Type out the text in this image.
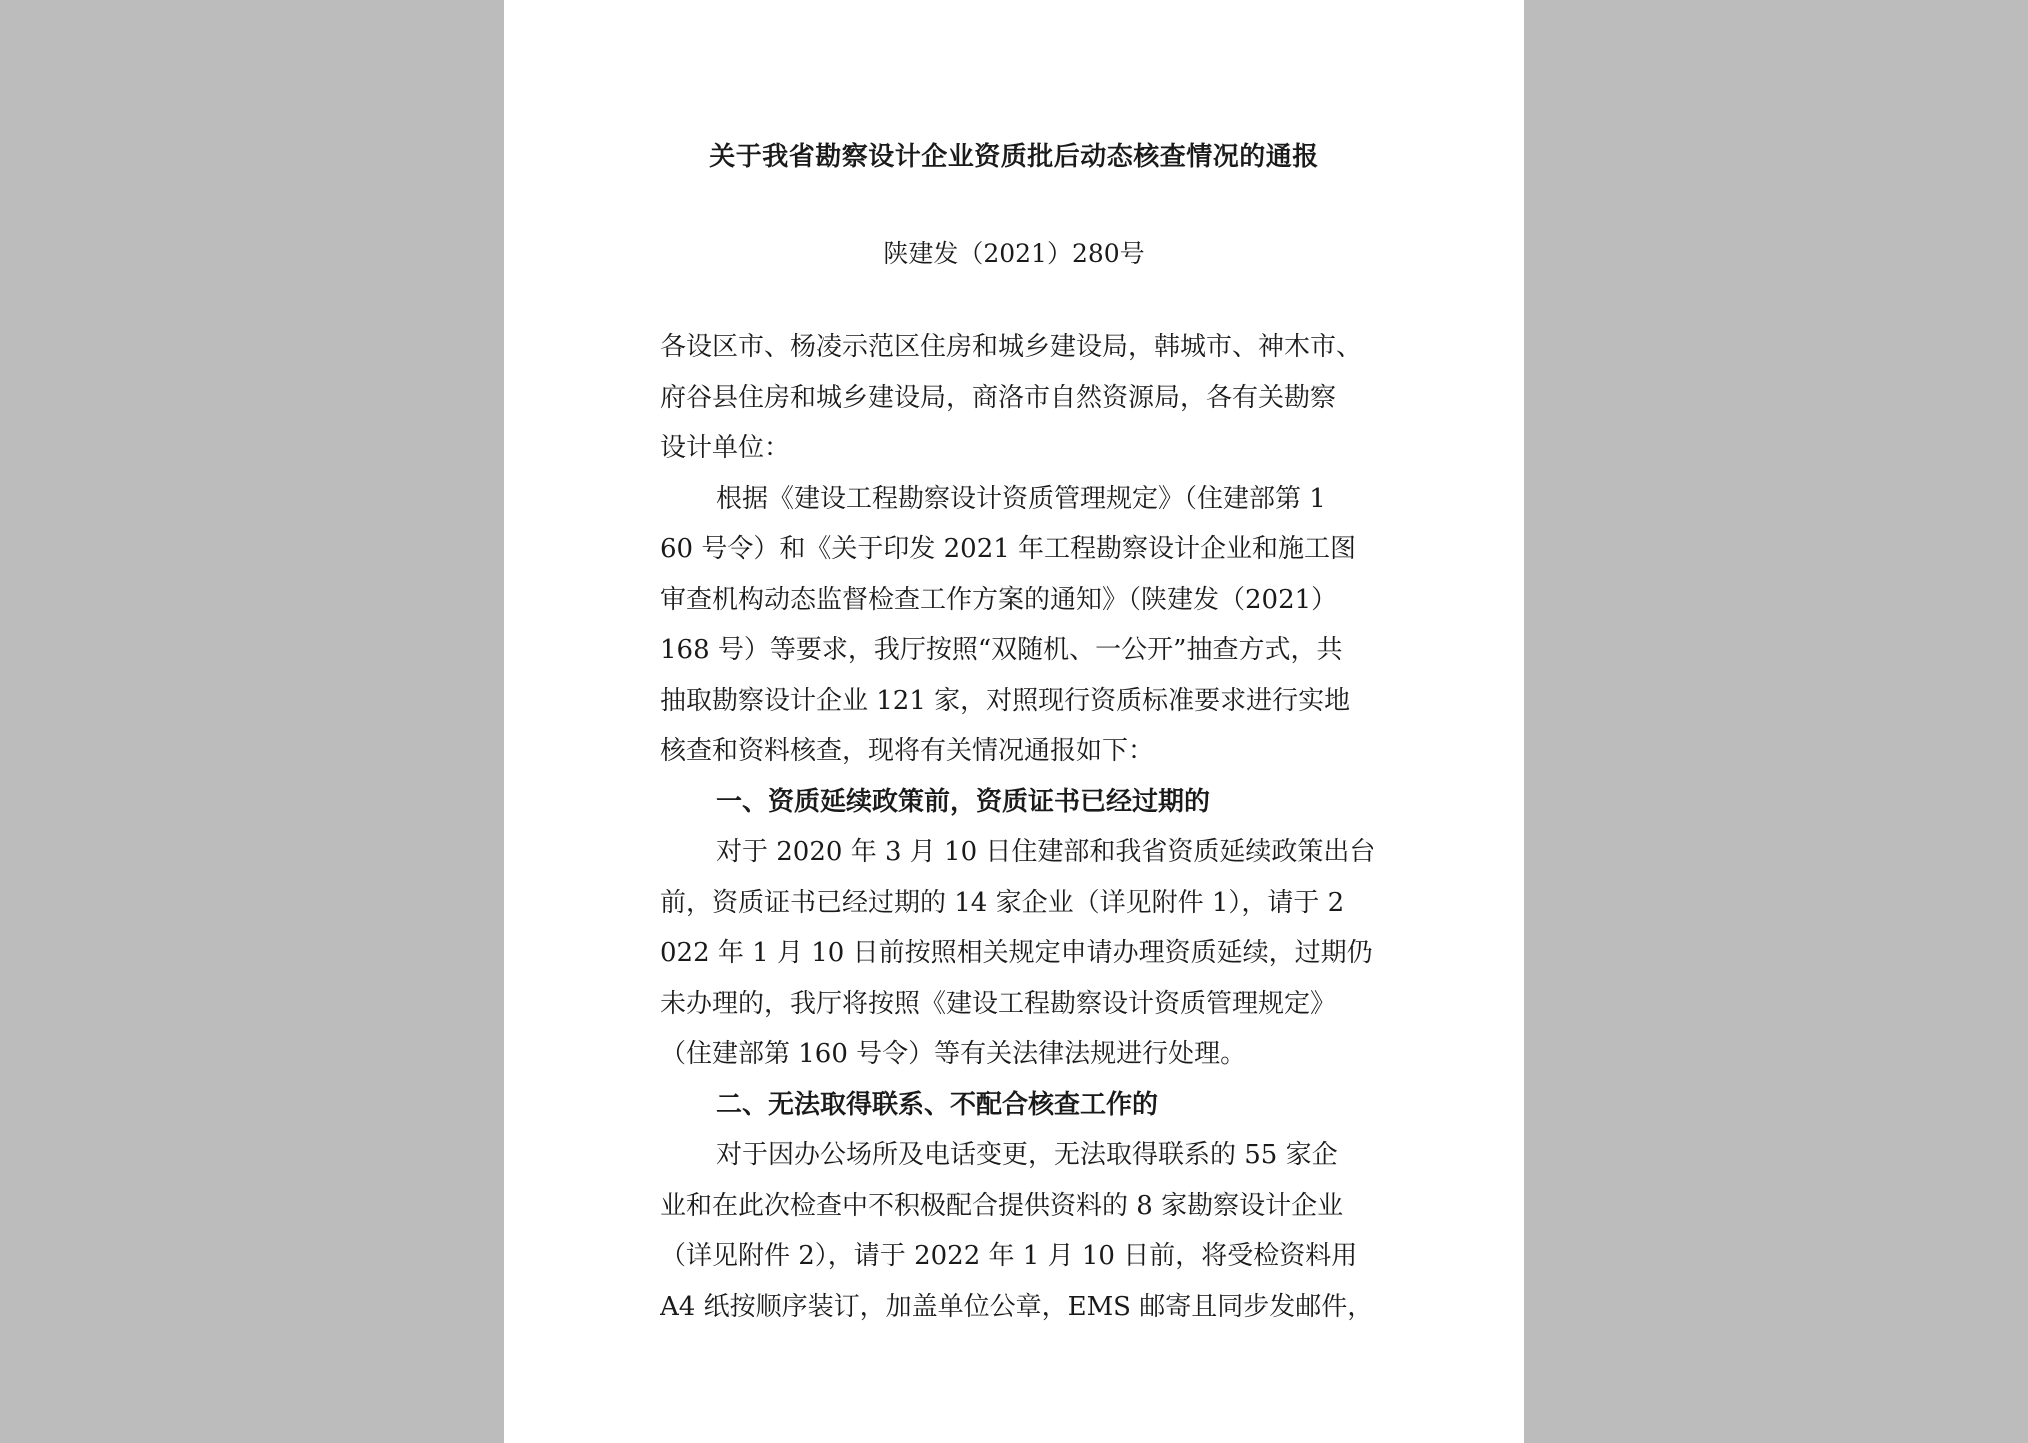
关于我省勘察设计企业资质批后动态核查情况的通报
陕建发（2021）280号
各设区市、杨凌示范区住房和城乡建设局，韩城市、神木市、
府谷县住房和城乡建设局，商洛市自然资源局，各有关勘察
设计单位：
根据《建设工程勘察设计资质管理规定》（住建部第 1
60 号令）和《关于印发 2021 年工程勘察设计企业和施工图
审查机构动态监督检查工作方案的通知》（陕建发（2021）
168 号）等要求，我厅按照“双随机、一公开”抽查方式，共
抽取勘察设计企业 121 家，对照现行资质标准要求进行实地
核查和资料核查，现将有关情况通报如下：
一、资质延续政策前，资质证书已经过期的
对于 2020 年 3 月 10 日住建部和我省资质延续政策出台
前，资质证书已经过期的 14 家企业（详见附件 1），请于 2
022 年 1 月 10 日前按照相关规定申请办理资质延续，过期仍
未办理的，我厅将按照《建设工程勘察设计资质管理规定》
（住建部第 160 号令）等有关法律法规进行处理。
二、无法取得联系、不配合核查工作的
对于因办公场所及电话变更，无法取得联系的 55 家企
业和在此次检查中不积极配合提供资料的 8 家勘察设计企业
（详见附件 2），请于 2022 年 1 月 10 日前，将受检资料用
A4 纸按顺序装订，加盖单位公章，EMS 邮寄且同步发邮件，
